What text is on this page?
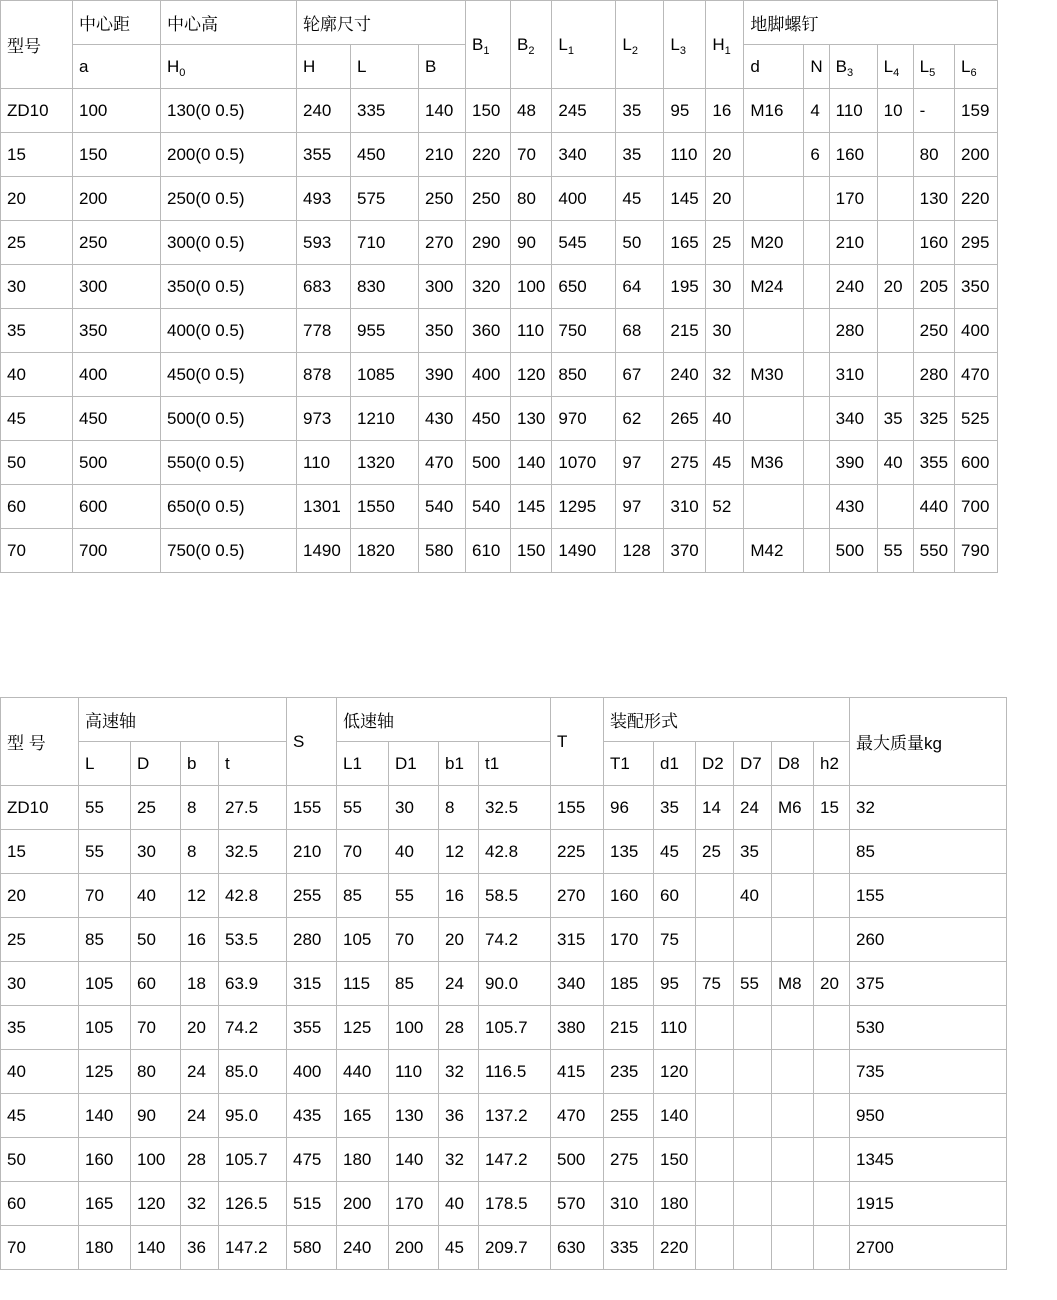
型号	中心距	中心高	轮廓尺寸			$B_1$	$B_2$	$L_1$	$L_2$	$L_3$	$H_1$	地脚螺钉					
	a	$H_0$	H	L	B							d	N	$B_3$	$L_4$	$L_5$	$L_6$
ZD10	100	130(0 0.5)	240	335	140	150	48	245	35	95	16	M16	4	110	10	-	159
15	150	200(0 0.5)	355	450	210	220	70	340	35	110	20		6	160		80	200
20	200	250(0 0.5)	493	575	250	250	80	400	45	145	20			170		130	220
25	250	300(0 0.5)	593	710	270	290	90	545	50	165	25	M20		210		160	295
30	300	350(0 0.5)	683	830	300	320	100	650	64	195	30	M24		240	20	205	350
35	350	400(0 0.5)	778	955	350	360	110	750	68	215	30			280		250	400
40	400	450(0 0.5)	878	1085	390	400	120	850	67	240	32	M30		310		280	470
45	450	500(0 0.5)	973	1210	430	450	130	970	62	265	40			340	35	325	525
50	500	550(0 0.5)	110	1320	470	500	140	1070	97	275	45	M36		390	40	355	600
60	600	650(0 0.5)	1301	1550	540	540	145	1295	97	310	52			430		440	700
70	700	750(0 0.5)	1490	1820	580	610	150	1490	128	370		M42		500	55	550	790
型 号	高速轴				S	低速轴				T	装配形式						最大质量kg
	L	D	b	t		L1	D1	b1	t1		T1	d1	D2	D7	D8	h2	
ZD10	55	25	8	27.5	155	55	30	8	32.5	155	96	35	14	24	M6	15	32
15	55	30	8	32.5	210	70	40	12	42.8	225	135	45	25	35			85
20	70	40	12	42.8	255	85	55	16	58.5	270	160	60		40			155
25	85	50	16	53.5	280	105	70	20	74.2	315	170	75					260
30	105	60	18	63.9	315	115	85	24	90.0	340	185	95	75	55	M8	20	375
35	105	70	20	74.2	355	125	100	28	105.7	380	215	110					530
40	125	80	24	85.0	400	440	110	32	116.5	415	235	120					735
45	140	90	24	95.0	435	165	130	36	137.2	470	255	140					950
50	160	100	28	105.7	475	180	140	32	147.2	500	275	150					1345
60	165	120	32	126.5	515	200	170	40	178.5	570	310	180					1915
70	180	140	36	147.2	580	240	200	45	209.7	630	335	220					2700
